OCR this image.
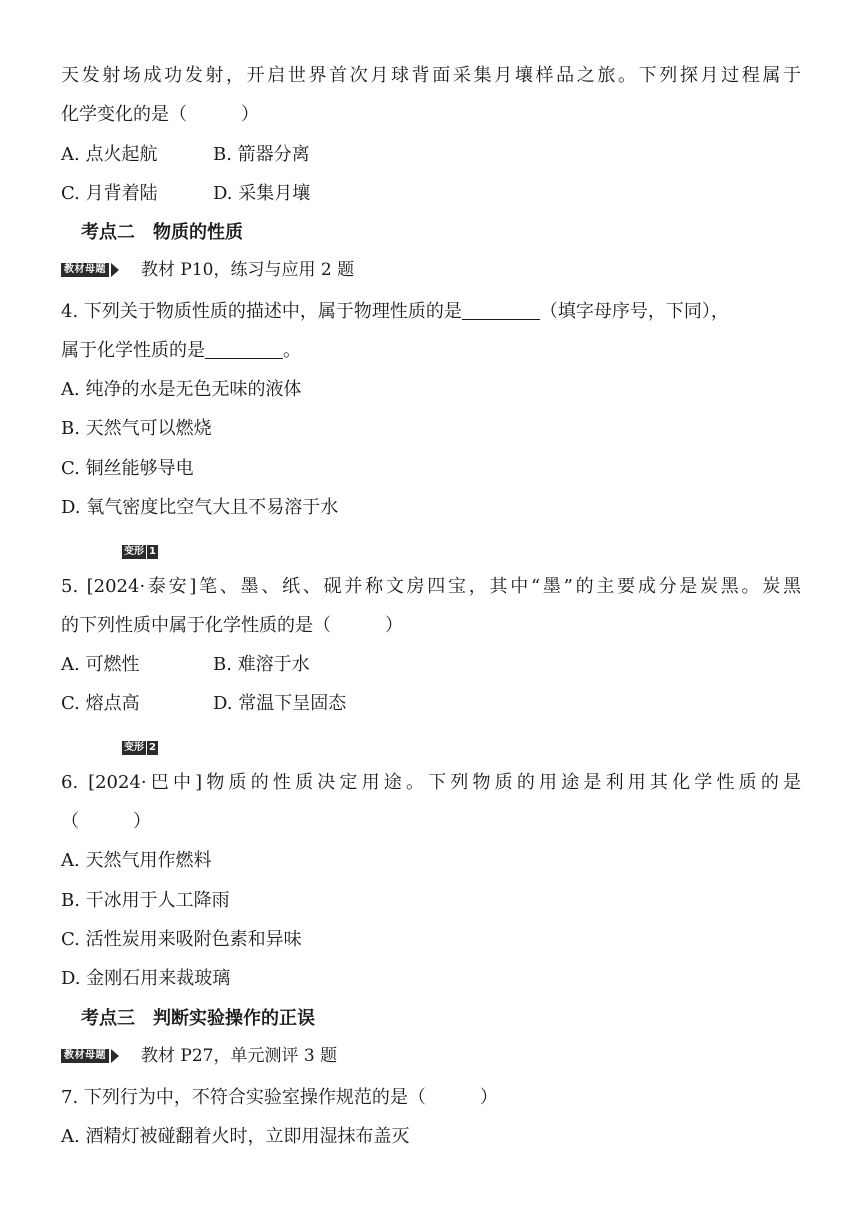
天发射场成功发射，开启世界首次月球背面采集月壤样品之旅。下列探月过程属于
化学变化的是（　　　）
A. 点火起航	B. 箭器分离
C. 月背着陆	D. 采集月壤
考点二　物质的性质
教材母题 教材 P10，练习与应用 2 题
4. 下列关于物质性质的描述中，属于物理性质的是	（填字母序号，下同），
属于化学性质的是	。
A. 纯净的水是无色无味的液体
B. 天然气可以燃烧
C. 铜丝能够导电
D. 氧气密度比空气大且不易溶于水
变形 1
5. [2024·泰安]笔、墨、纸、砚并称文房四宝，其中“墨”的主要成分是炭黑。炭黑
的下列性质中属于化学性质的是（　　　）
A. 可燃性	B. 难溶于水
C. 熔点高	D. 常温下呈固态
变形 2
6. [2024·巴中]物质的性质决定用途。下列物质的用途是利用其化学性质的是
（　　　）
A. 天然气用作燃料
B. 干冰用于人工降雨
C. 活性炭用来吸附色素和异味
D. 金刚石用来裁玻璃
考点三　判断实验操作的正误
教材母题 教材 P27，单元测评 3 题
7. 下列行为中，不符合实验室操作规范的是（　　　）
A. 酒精灯被碰翻着火时，立即用湿抹布盖灭
